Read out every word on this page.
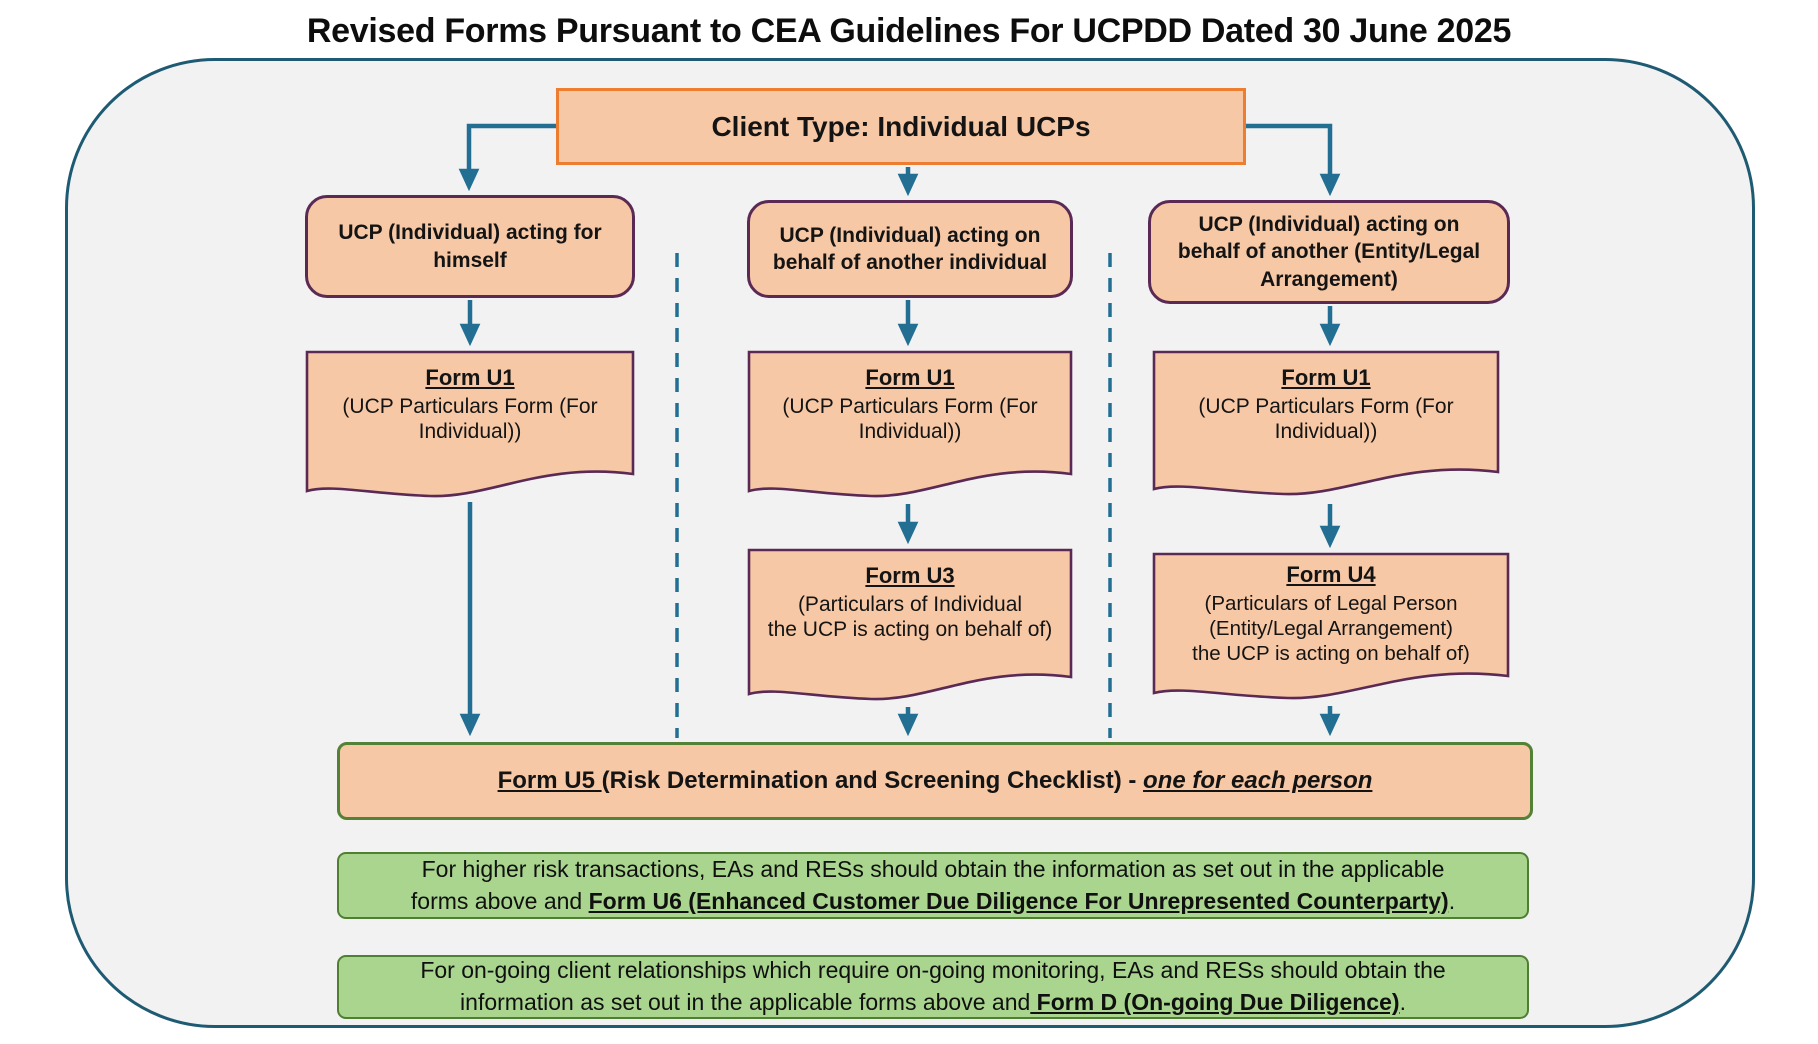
Revised Forms Pursuant to CEA Guidelines For UCPDD Dated 30 June 2025
Client Type: Individual UCPs
UCP (Individual) acting for himself
UCP (Individual) acting on behalf of another individual
UCP (Individual) acting on behalf of another (Entity/Legal Arrangement)
Form U1
(UCP Particulars Form (For Individual))
Form U1
(UCP Particulars Form (For Individual))
Form U1
(UCP Particulars Form (For Individual))
Form U3
(Particulars of Individual
the UCP is acting on behalf of)
Form U4
(Particulars of Legal Person
(Entity/Legal Arrangement)
the UCP is acting on behalf of)
Form U5 (Risk Determination and Screening Checklist) - one for each person
For higher risk transactions, EAs and RESs should obtain the information as set out in the applicable
forms above and Form U6 (Enhanced Customer Due Diligence For Unrepresented Counterparty).
For on-going client relationships which require on-going monitoring, EAs and RESs should obtain the
information as set out in the applicable forms above and Form D (On-going Due Diligence).
